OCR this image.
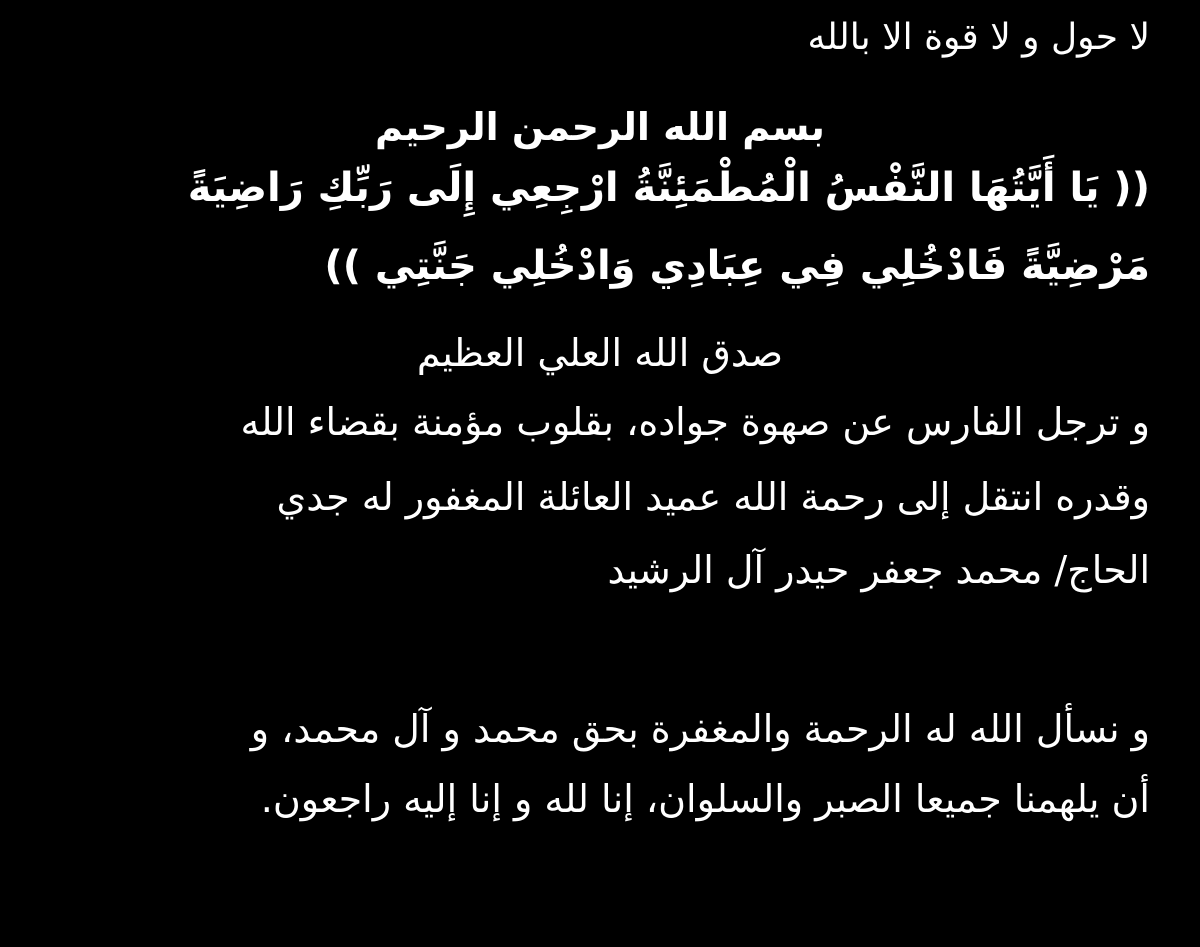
لا حول و لا قوة الا بالله
بسم الله الرحمن الرحيم
(( يَا أَيَّتُهَا النَّفْسُ الْمُطْمَئِنَّةُ ارْجِعِي إِلَى رَبِّكِ رَاضِيَةً
مَرْضِيَّةً فَادْخُلِي فِي عِبَادِي وَادْخُلِي جَنَّتِي ))
صدق الله العلي العظيم
و ترجل الفارس عن صهوة جواده، بقلوب مؤمنة بقضاء الله
وقدره انتقل إلى رحمة الله عميد العائلة المغفور له جدي
الحاج/ محمد جعفر حيدر آل الرشيد
و نسأل الله له الرحمة والمغفرة بحق محمد و آل محمد، و
أن يلهمنا جميعا الصبر والسلوان، إنا لله و إنا إليه راجعون.
